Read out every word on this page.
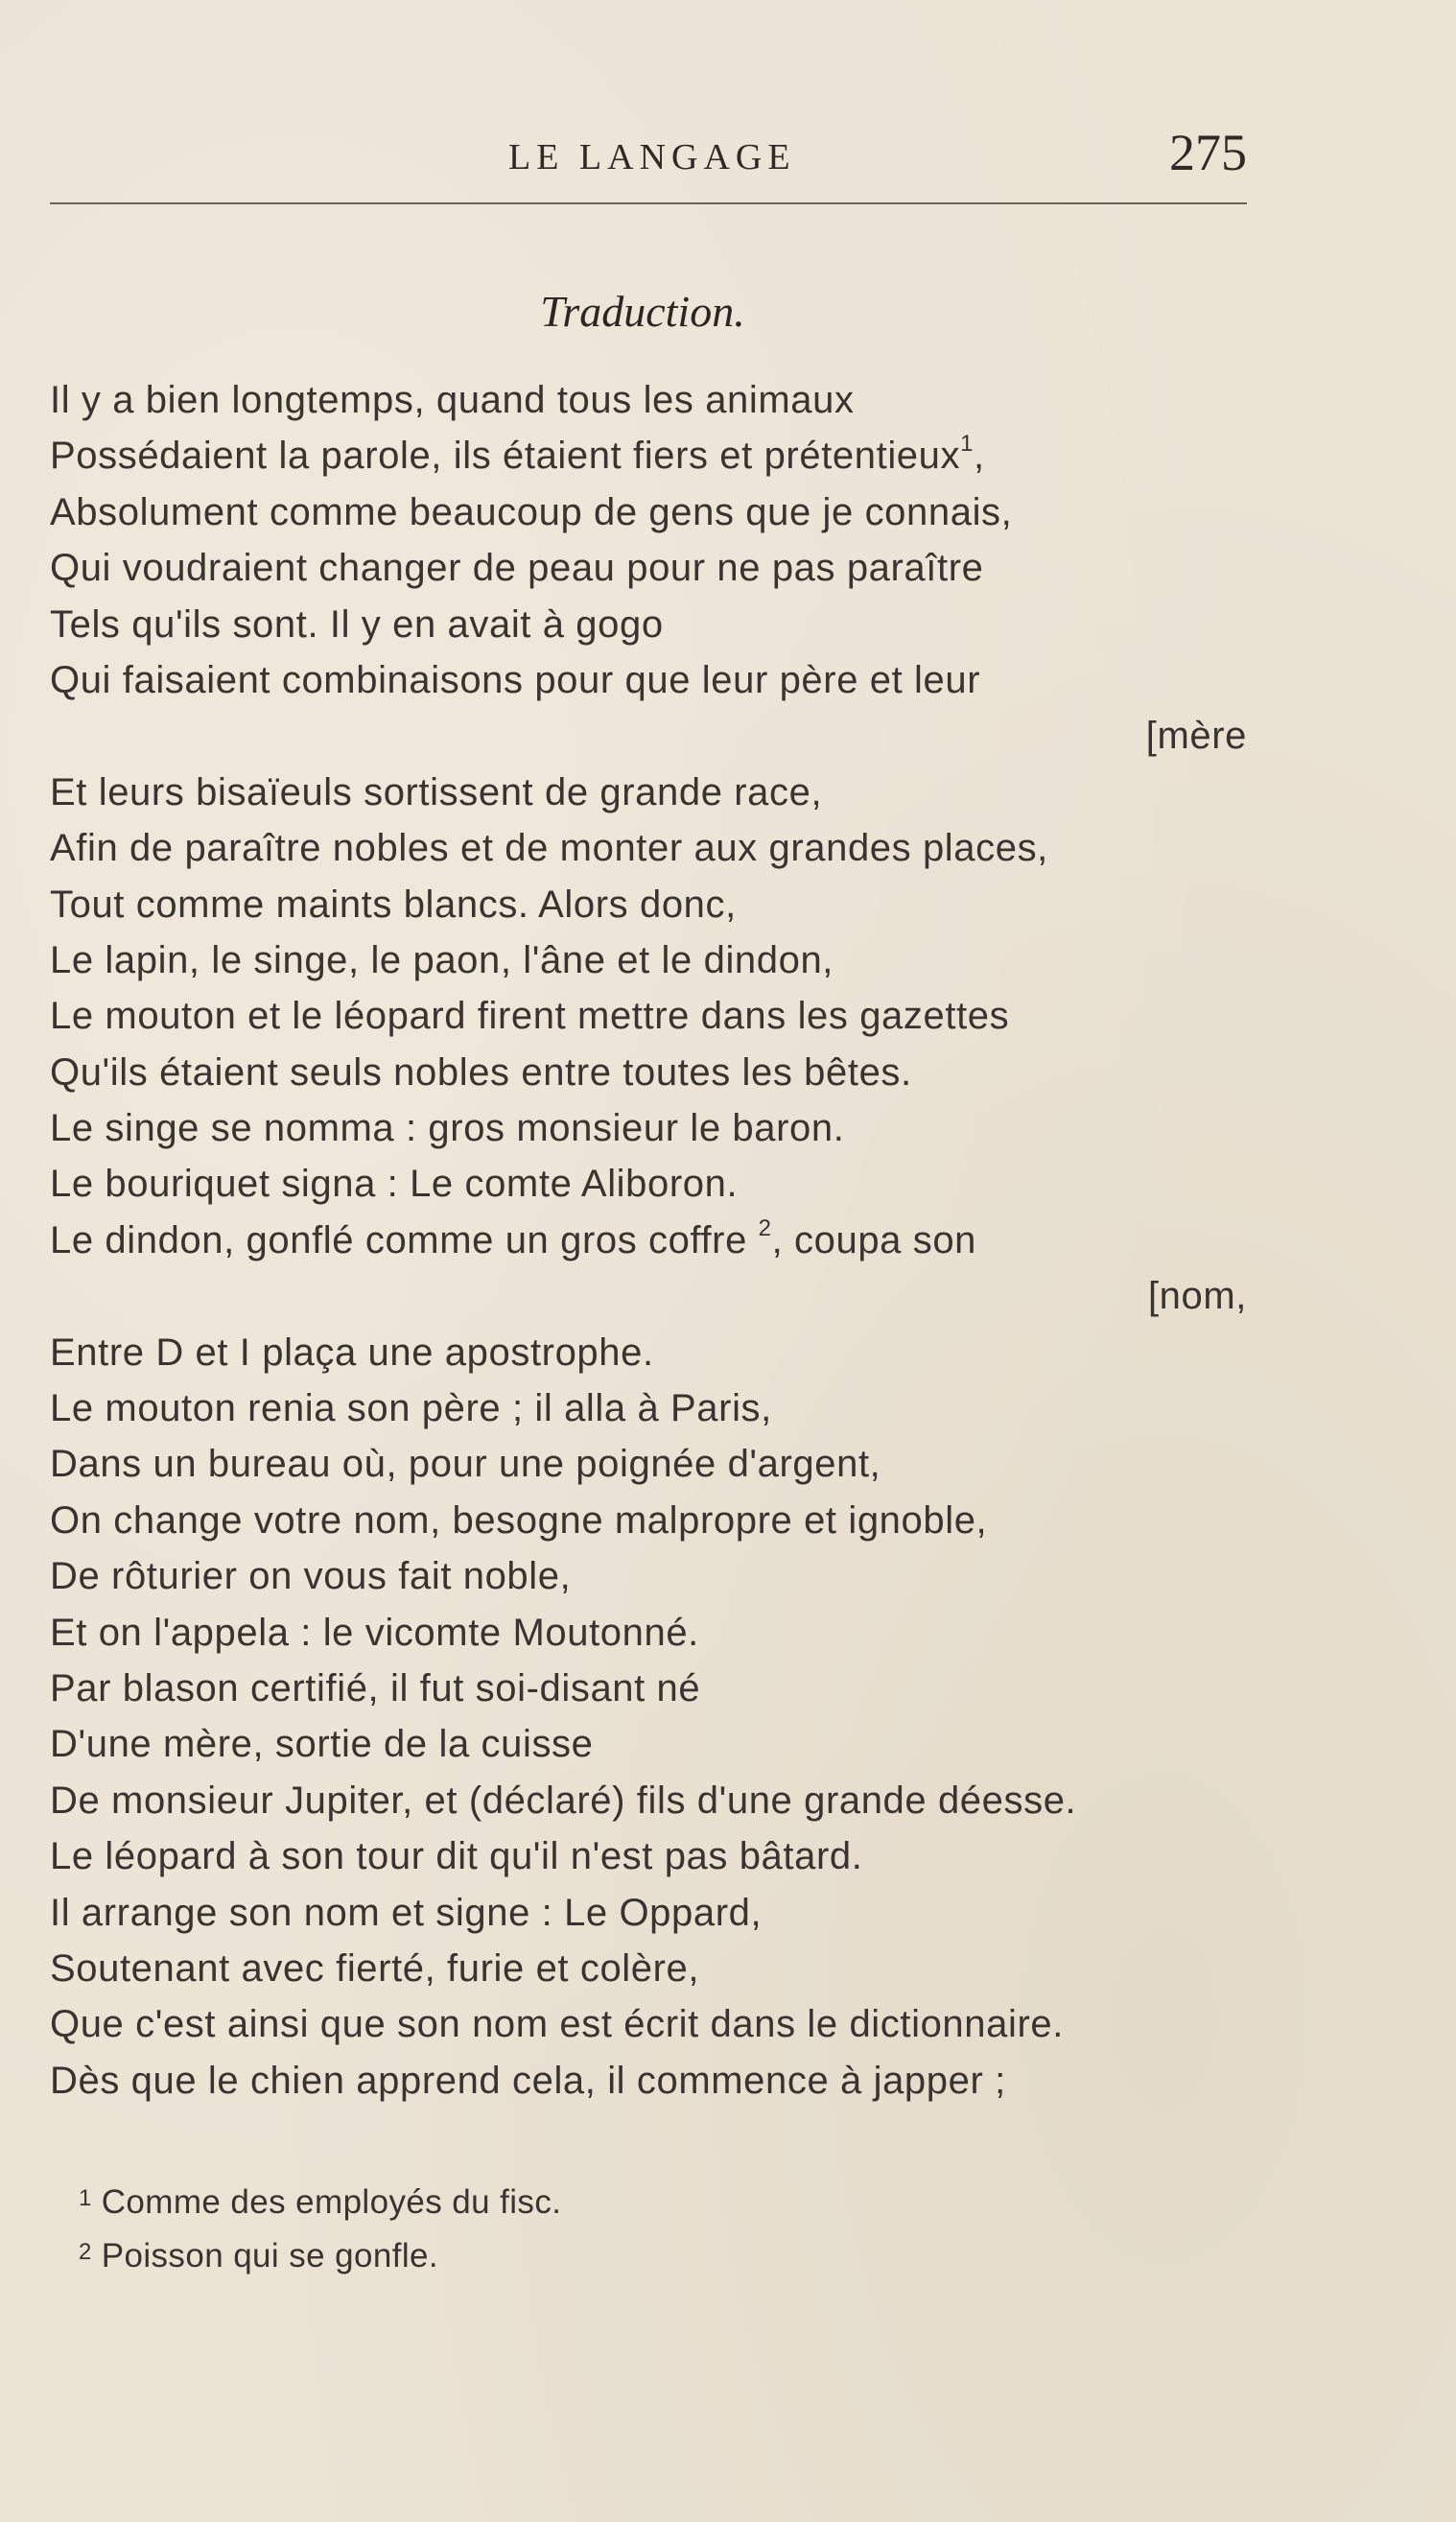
LE LANGAGE	275
Traduction.
Il y a bien longtemps, quand tous les animaux
Possédaient la parole, ils étaient fiers et prétentieux$^1$,
Absolument comme beaucoup de gens que je connais,
Qui voudraient changer de peau pour ne pas paraître
Tels qu'ils sont. Il y en avait à gogo
Qui faisaient combinaisons pour que leur père et leur
[mère
Et leurs bisaïeuls sortissent de grande race,
Afin de paraître nobles et de monter aux grandes places,
Tout comme maints blancs. Alors donc,
Le lapin, le singe, le paon, l'âne et le dindon,
Le mouton et le léopard firent mettre dans les gazettes
Qu'ils étaient seuls nobles entre toutes les bêtes.
Le singe se nomma : gros monsieur le baron.
Le bouriquet signa : Le comte Aliboron.
Le dindon, gonflé comme un gros coffre $^2$, coupa son
[nom,
Entre D et I plaça une apostrophe.
Le mouton renia son père ; il alla à Paris,
Dans un bureau où, pour une poignée d'argent,
On change votre nom, besogne malpropre et ignoble,
De rôturier on vous fait noble,
Et on l'appela : le vicomte Moutonné.
Par blason certifié, il fut soi-disant né
D'une mère, sortie de la cuisse
De monsieur Jupiter, et (déclaré) fils d'une grande déesse.
Le léopard à son tour dit qu'il n'est pas bâtard.
Il arrange son nom et signe : Le Oppard,
Soutenant avec fierté, furie et colère,
Que c'est ainsi que son nom est écrit dans le dictionnaire.
Dès que le chien apprend cela, il commence à japper ;
$^1$ Comme des employés du fisc.
$^2$ Poisson qui se gonfle.
